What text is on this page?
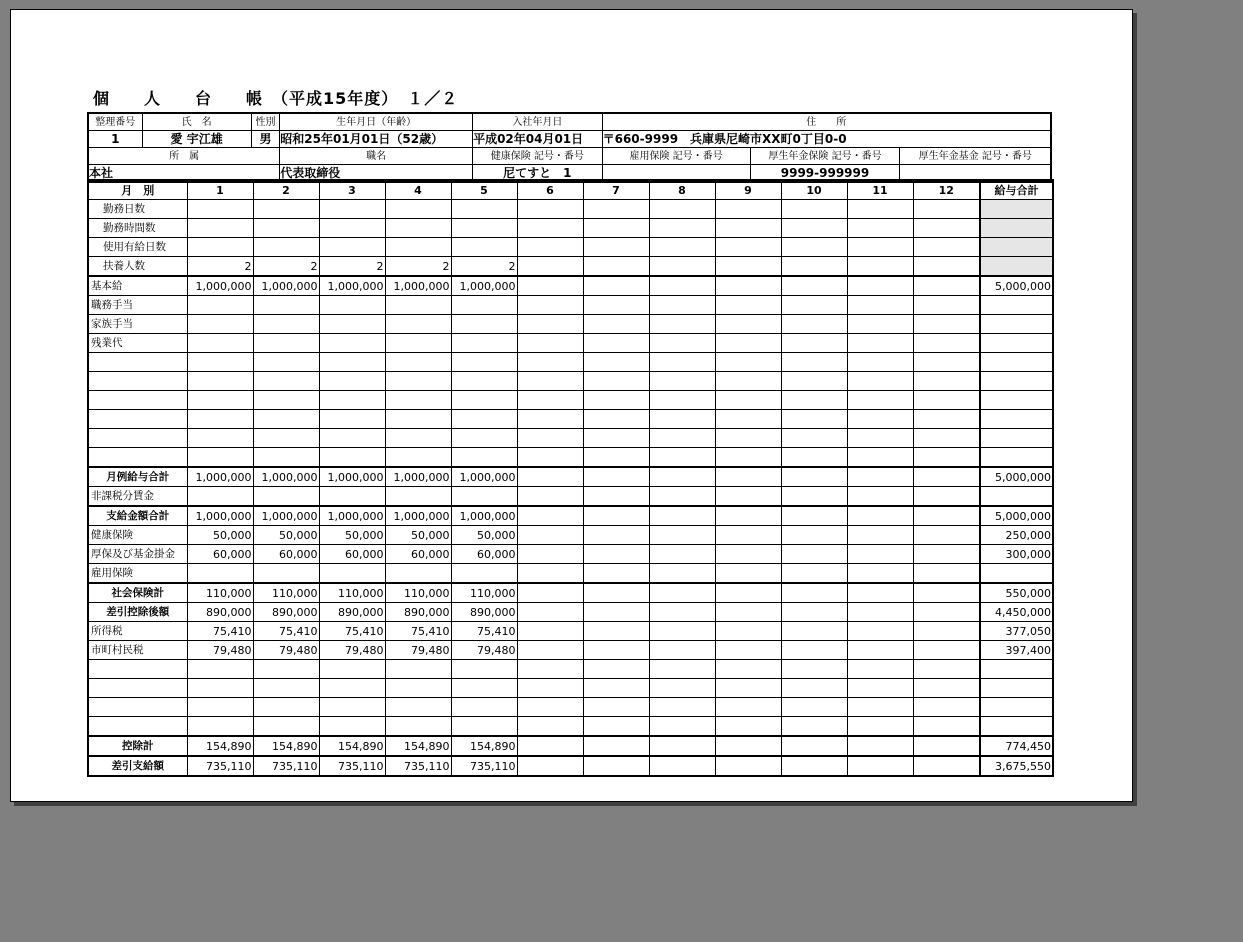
個　　人　　台　　帳　（平成15年度）　１／２
整理番号	氏　名	性別	生年月日（年齢）	入社年月日	住　　所		
1	愛 宇江雄	男	昭和25年01月01日（52歳）	平成02年04月01日	〒660-9999　兵庫県尼崎市XX町0丁目0-0		
所　属			職名	健康保険 記号・番号	雇用保険 記号・番号	厚生年金保険 記号・番号	厚生年金基金 記号・番号
本社			代表取締役	尼てすと　1		9999-999999	
月　別	1	2	3	4	5	6	7	8	9	10	11	12	給与合計
勤務日数													
勤務時間数													
使用有給日数													
扶養人数	2	2	2	2	2								
基本給	1,000,000	1,000,000	1,000,000	1,000,000	1,000,000								5,000,000
職務手当													
家族手当													
残業代													

月例給与合計	1,000,000	1,000,000	1,000,000	1,000,000	1,000,000								5,000,000
非課税分賃金													
支給金額合計	1,000,000	1,000,000	1,000,000	1,000,000	1,000,000								5,000,000
健康保険	50,000	50,000	50,000	50,000	50,000								250,000
厚保及び基金掛金	60,000	60,000	60,000	60,000	60,000								300,000
雇用保険													
社会保険計	110,000	110,000	110,000	110,000	110,000								550,000
差引控除後額	890,000	890,000	890,000	890,000	890,000								4,450,000
所得税	75,410	75,410	75,410	75,410	75,410								377,050
市町村民税	79,480	79,480	79,480	79,480	79,480								397,400

控除計	154,890	154,890	154,890	154,890	154,890								774,450
差引支給額	735,110	735,110	735,110	735,110	735,110								3,675,550
